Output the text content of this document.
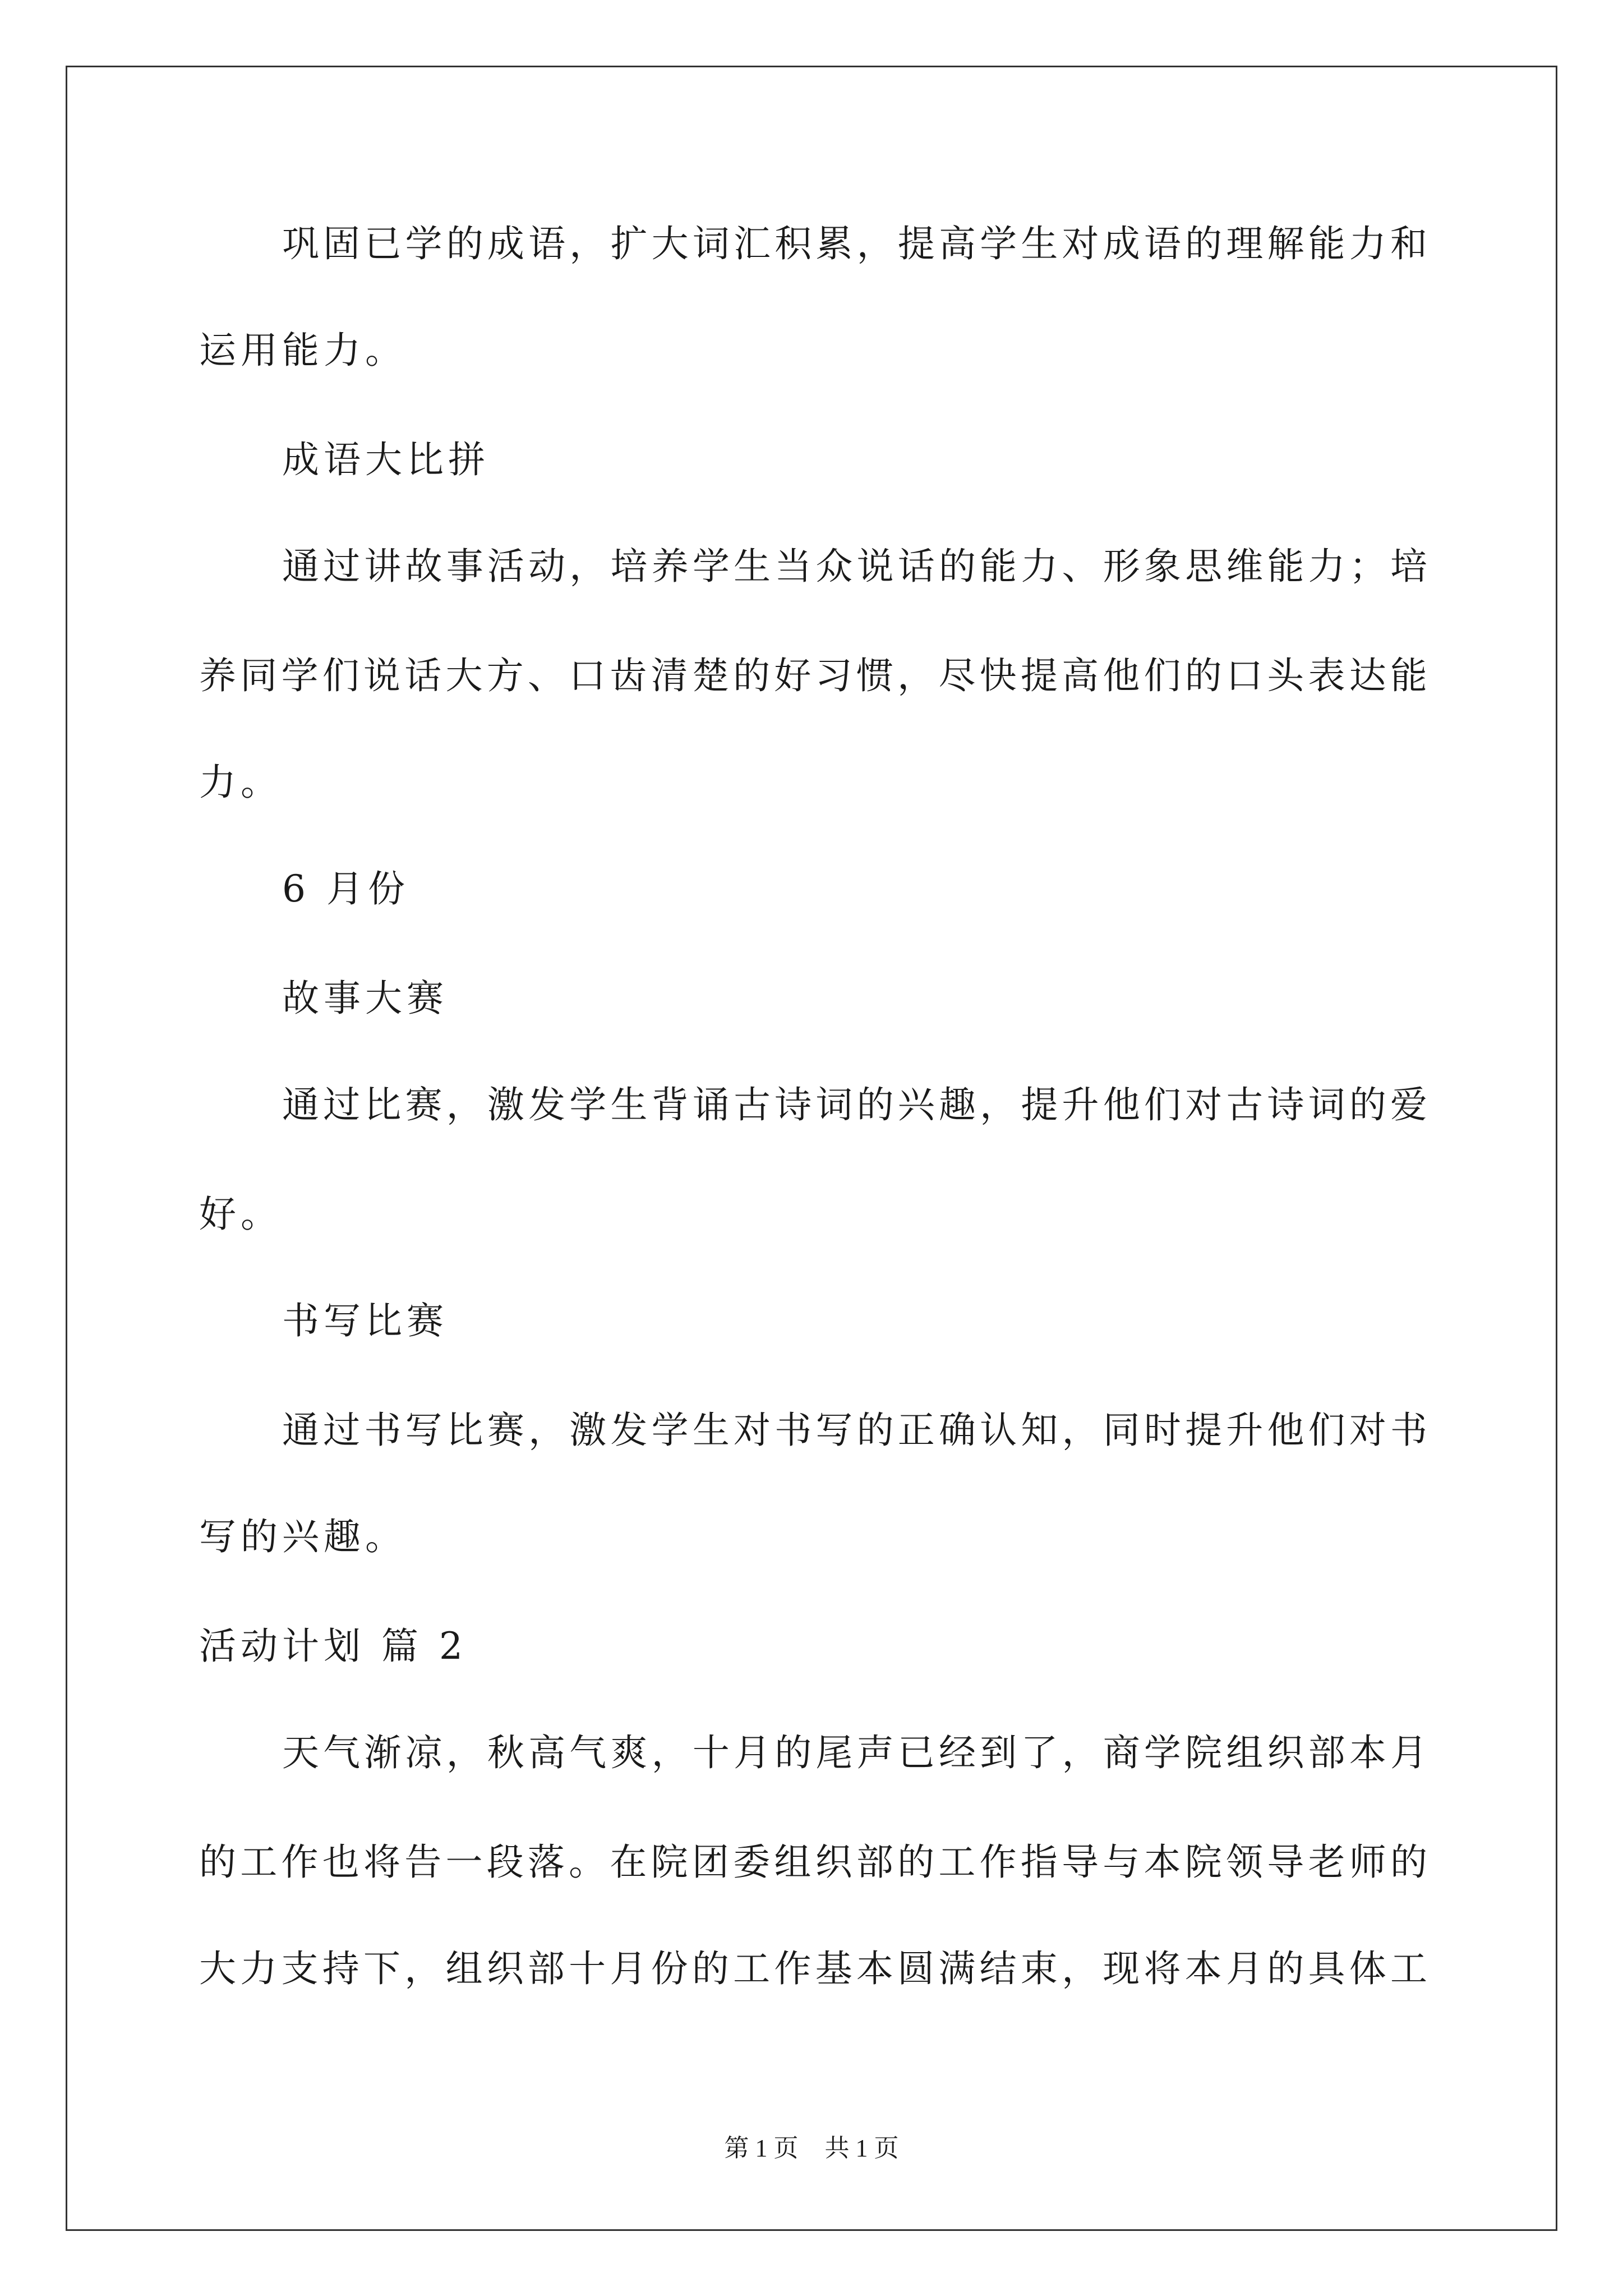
巩固已学的成语，扩大词汇积累，提高学生对成语的理解能力和
运用能力。
成语大比拼
通过讲故事活动，培养学生当众说话的能力、形象思维能力；培
养同学们说话大方、口齿清楚的好习惯，尽快提高他们的口头表达能
力。
6 月份
故事大赛
通过比赛，激发学生背诵古诗词的兴趣，提升他们对古诗词的爱
好。
书写比赛
通过书写比赛，激发学生对书写的正确认知，同时提升他们对书
写的兴趣。
活动计划 篇 2
天气渐凉，秋高气爽，十月的尾声已经到了，商学院组织部本月
的工作也将告一段落。在院团委组织部的工作指导与本院领导老师的
大力支持下，组织部十月份的工作基本圆满结束，现将本月的具体工
第 1 页 共 1 页
